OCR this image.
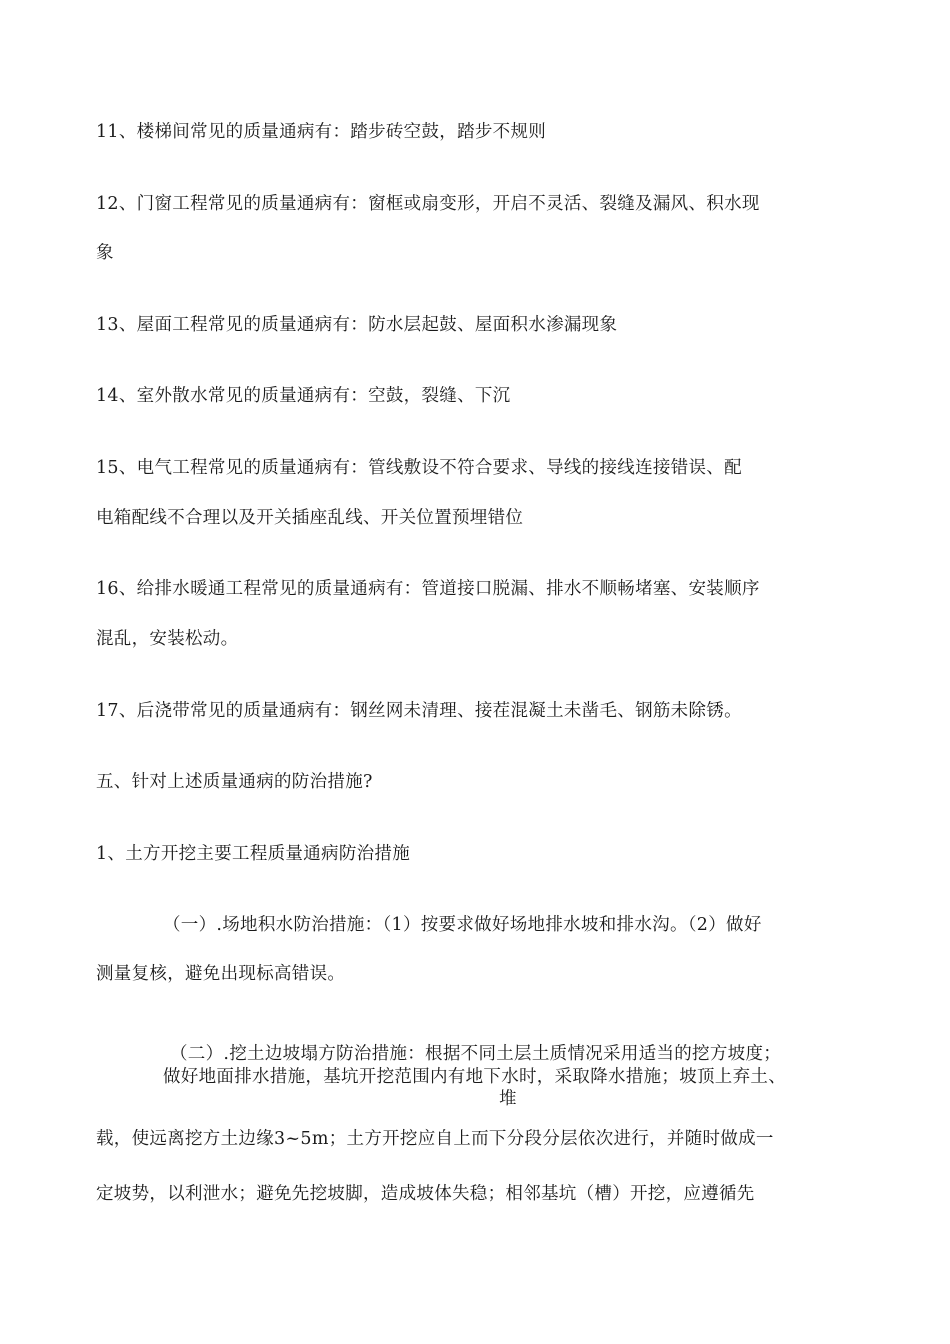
11、楼梯间常见的质量通病有：踏步砖空鼓，踏步不规则
12、门窗工程常见的质量通病有：窗框或扇变形，开启不灵活、裂缝及漏风、积水现
象
13、屋面工程常见的质量通病有：防水层起鼓、屋面积水渗漏现象
14、室外散水常见的质量通病有：空鼓，裂缝、下沉
15、电气工程常见的质量通病有：管线敷设不符合要求、导线的接线连接错误、配
电箱配线不合理以及开关插座乱线、开关位置预埋错位
16、给排水暖通工程常见的质量通病有：管道接口脱漏、排水不顺畅堵塞、安装顺序
混乱，安装松动。
17、后浇带常见的质量通病有：钢丝网未清理、接茬混凝土未凿毛、钢筋未除锈。
五、针对上述质量通病的防治措施?
1、土方开挖主要工程质量通病防治措施
（一）.场地积水防治措施：（1）按要求做好场地排水坡和排水沟。（2）做好
测量复核，避免出现标高错误。
（二）.挖土边坡塌方防治措施：根据不同土层土质情况采用适当的挖方坡度；
做好地面排水措施，基坑开挖范围内有地下水时，采取降水措施；坡顶上弃土、
堆
载，使远离挖方土边缘3~5m；土方开挖应自上而下分段分层依次进行，并随时做成一
定坡势，以利泄水；避免先挖坡脚，造成坡体失稳；相邻基坑（槽）开挖，应遵循先
